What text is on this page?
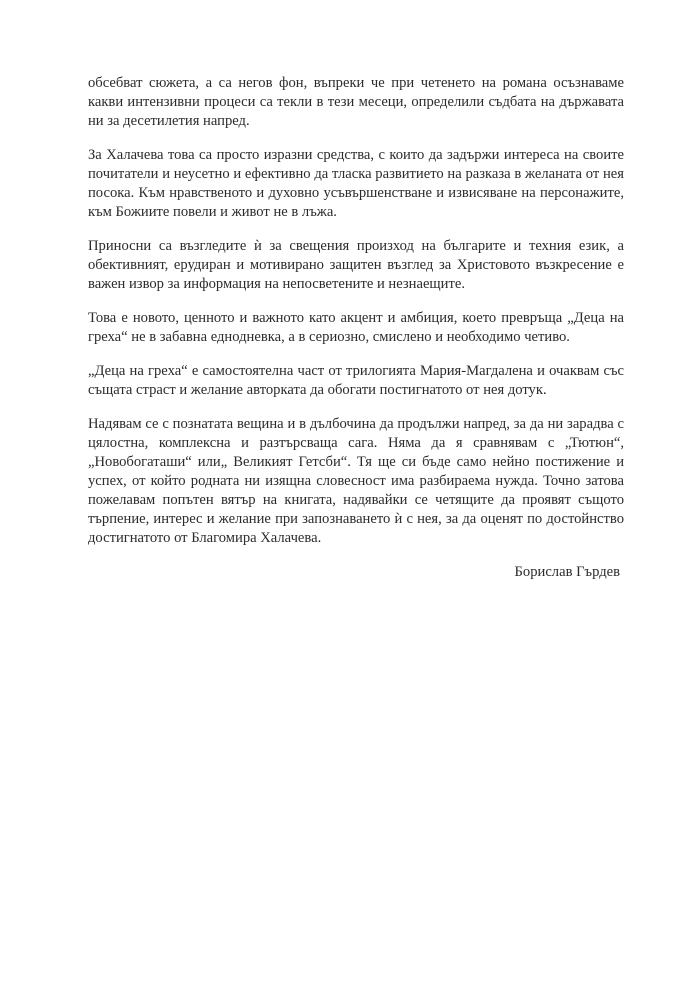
обсебват сюжета, а са негов фон, въпреки че при четенето на романа осъзнаваме какви интензивни процеси са текли в тези месеци, определили съдбата на държавата ни за десетилетия напред.

За Халачева това са просто изразни средства, с които да задържи интереса на своите почитатели и неусетно и ефективно да тласка развитието на разказа в желаната от нея посока. Към нравственото и духовно усъвършенстване и извисяване на персонажите, към Божиите повели и живот не в лъжа.

Приносни са възгледите ѝ за свещения произход на българите и техния език, а обективният, ерудиран и мотивирано защитен възглед за Христовото възкресение е важен извор за информация на непосветените и незнаещите.

Това е новото, ценното и важното като акцент и амбиция, което превръща „Деца на греха“ не в забавна еднодневка, а в сериозно, смислено и необходимо четиво.

„Деца на греха“ е самостоятелна част от трилогията Мария-Магдалена и очаквам със същата страст и желание авторката да обогати постигнатото от нея дотук.

Надявам се с познатата вещина и в дълбочина да продължи напред, за да ни зарадва с цялостна, комплексна и разтърсваща сага. Няма да я сравнявам с „Тютюн“, „Новобогаташи“ или„ Великият Гетсби“. Тя ще си бъде само нейно постижение и успех, от който родната ни изящна словесност има разбираема нужда. Точно затова пожелавам попътен вятър на книгата, надявайки се четящите да проявят същото търпение, интерес и желание при запознаването ѝ с нея, за да оценят по достойнство достигнатото от Благомира Халачева.

Борислав Гърдев
